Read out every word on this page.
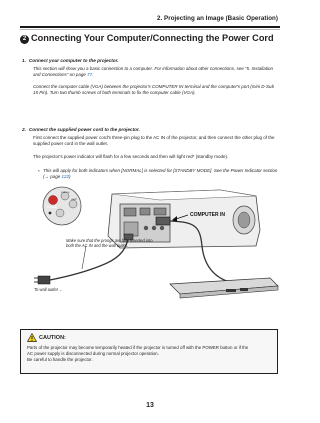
2. Projecting an Image (Basic Operation)
2 Connecting Your Computer/Connecting the Power Cord
1. Connect your computer to the projector.
This section will show you a basic connection to a computer. For information about other connections, see "5. Installation and Connections" on page 77.
Connect the computer cable (VGA) between the projector's COMPUTER IN terminal and the computer's port (mini D-Sub 15 Pin). Turn two thumb screws of both terminals to fix the computer cable (VGA).
2. Connect the supplied power cord to the projector.
First connect the supplied power cord's three-pin plug to the AC IN of the projector, and then connect the other plug of the supplied power cord in the wall outlet.
The projector's power indicator will flash for a few seconds and then will light red* (standby mode).
* This will apply for both indicators when [NORMAL] is selected for [STANDBY MODE]. See the Power Indicator section (→ page 122)
POWER
STATUS
LAMP
COMPUTER IN
Make sure that the prongs are fully inserted into
both the AC IN and the wall outlet.
To wall outlet ←
CAUTION:
Parts of the projector may become temporarily heated if the projector is turned off with the POWER button or if the
AC power supply is disconnected during normal projector operation.
Be careful to handle the projector.
13
